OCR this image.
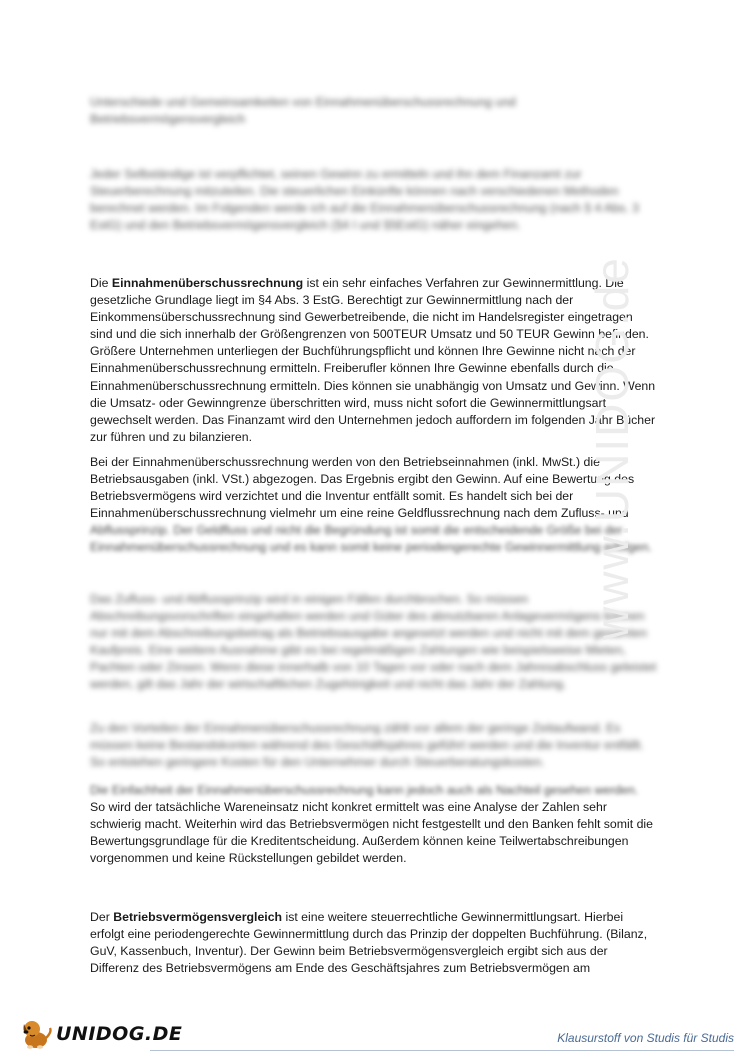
Unterschiede und Gemeinsamkeiten von Einnahmenüberschussrechnung und Betriebsvermögensvergleich

Jeder Selbständige ist verpflichtet, seinen Gewinn zu ermitteln und ihn dem Finanzamt zur Steuerberechnung mitzuteilen. Die steuerlichen Einkünfte können nach verschiedenen Methoden berechnet werden. Im Folgenden werde ich auf die Einnahmenüberschussrechnung (nach § 4 Abs. 3 EstG) und den Betriebsvermögensvergleich (§4 I und §5EstG) näher eingehen.

Die Einnahmenüberschussrechnung ist ein sehr einfaches Verfahren zur Gewinnermittlung. Die gesetzliche Grundlage liegt im §4 Abs. 3 EstG. Berechtigt zur Gewinnermittlung nach der Einkommensüberschussrechnung sind Gewerbetreibende, die nicht im Handelsregister eingetragen sind und die sich innerhalb der Größengrenzen von 500TEUR Umsatz und 50 TEUR Gewinn befinden. Größere Unternehmen unterliegen der Buchführungspflicht und können Ihre Gewinne nicht nach der Einnahmenüberschussrechnung ermitteln. Freiberufler können Ihre Gewinne ebenfalls durch die Einnahmenüberschussrechnung ermitteln. Dies können sie unabhängig von Umsatz und Gewinn. Wenn die Umsatz- oder Gewinngrenze überschritten wird, muss nicht sofort die Gewinnermittlungsart gewechselt werden. Das Finanzamt wird den Unternehmen jedoch auffordern im folgenden Jahr Bücher zur führen und zu bilanzieren.

Bei der Einnahmenüberschussrechnung werden von den Betriebseinnahmen (inkl. MwSt.) die Betriebsausgaben (inkl. VSt.) abgezogen. Das Ergebnis ergibt den Gewinn. Auf eine Bewertung des Betriebsvermögens wird verzichtet und die Inventur entfällt somit. Es handelt sich bei der Einnahmenüberschussrechnung vielmehr um eine reine Geldflussrechnung nach dem Zufluss- und

Abflussprinzip. Der Geldfluss und nicht die Begründung ist somit die entscheidende Größe bei der Einnahmenüberschussrechnung und es kann somit keine periodengerechte Gewinnermittlung erfolgen.

Das Zufluss- und Abflussprinzip wird in einigen Fällen durchbrochen. So müssen Abschreibungsvorschriften eingehalten werden und Güter des abnutzbaren Anlagevermögens können nur mit dem Abschreibungsbetrag als Betriebsausgabe angesetzt werden und nicht mit dem gesamten Kaufpreis. Eine weitere Ausnahme gibt es bei regelmäßigen Zahlungen wie beispielsweise Mieten, Pachten oder Zinsen. Wenn diese innerhalb von 10 Tagen vor oder nach dem Jahresabschluss geleistet werden, gilt das Jahr der wirtschaftlichen Zugehörigkeit und nicht das Jahr der Zahlung.

Zu den Vorteilen der Einnahmenüberschussrechnung zählt vor allem der geringe Zeitaufwand. Es müssen keine Bestandskonten während des Geschäftsjahres geführt werden und die Inventur entfällt. So entstehen geringere Kosten für den Unternehmer durch Steuerberatungskosten.

Die Einfachheit der Einnahmenüberschussrechnung kann jedoch auch als Nachteil gesehen werden.

So wird der tatsächliche Wareneinsatz nicht konkret ermittelt was eine Analyse der Zahlen sehr schwierig macht. Weiterhin wird das Betriebsvermögen nicht festgestellt und den Banken fehlt somit die Bewertungsgrundlage für die Kreditentscheidung. Außerdem können keine Teilwertabschreibungen vorgenommen und keine Rückstellungen gebildet werden.

Der Betriebsvermögensvergleich ist eine weitere steuerrechtliche Gewinnermittlungsart. Hierbei erfolgt eine periodengerechte Gewinnermittlung durch das Prinzip der doppelten Buchführung. (Bilanz, GuV, Kassenbuch, Inventur). Der Gewinn beim Betriebsvermögensvergleich ergibt sich aus der Differenz des Betriebsvermögens am Ende des Geschäftsjahres zum Betriebsvermögen am

www.UNIDOG.de
UNIDOG.DE	Klausurstoff von Studis für Studis
